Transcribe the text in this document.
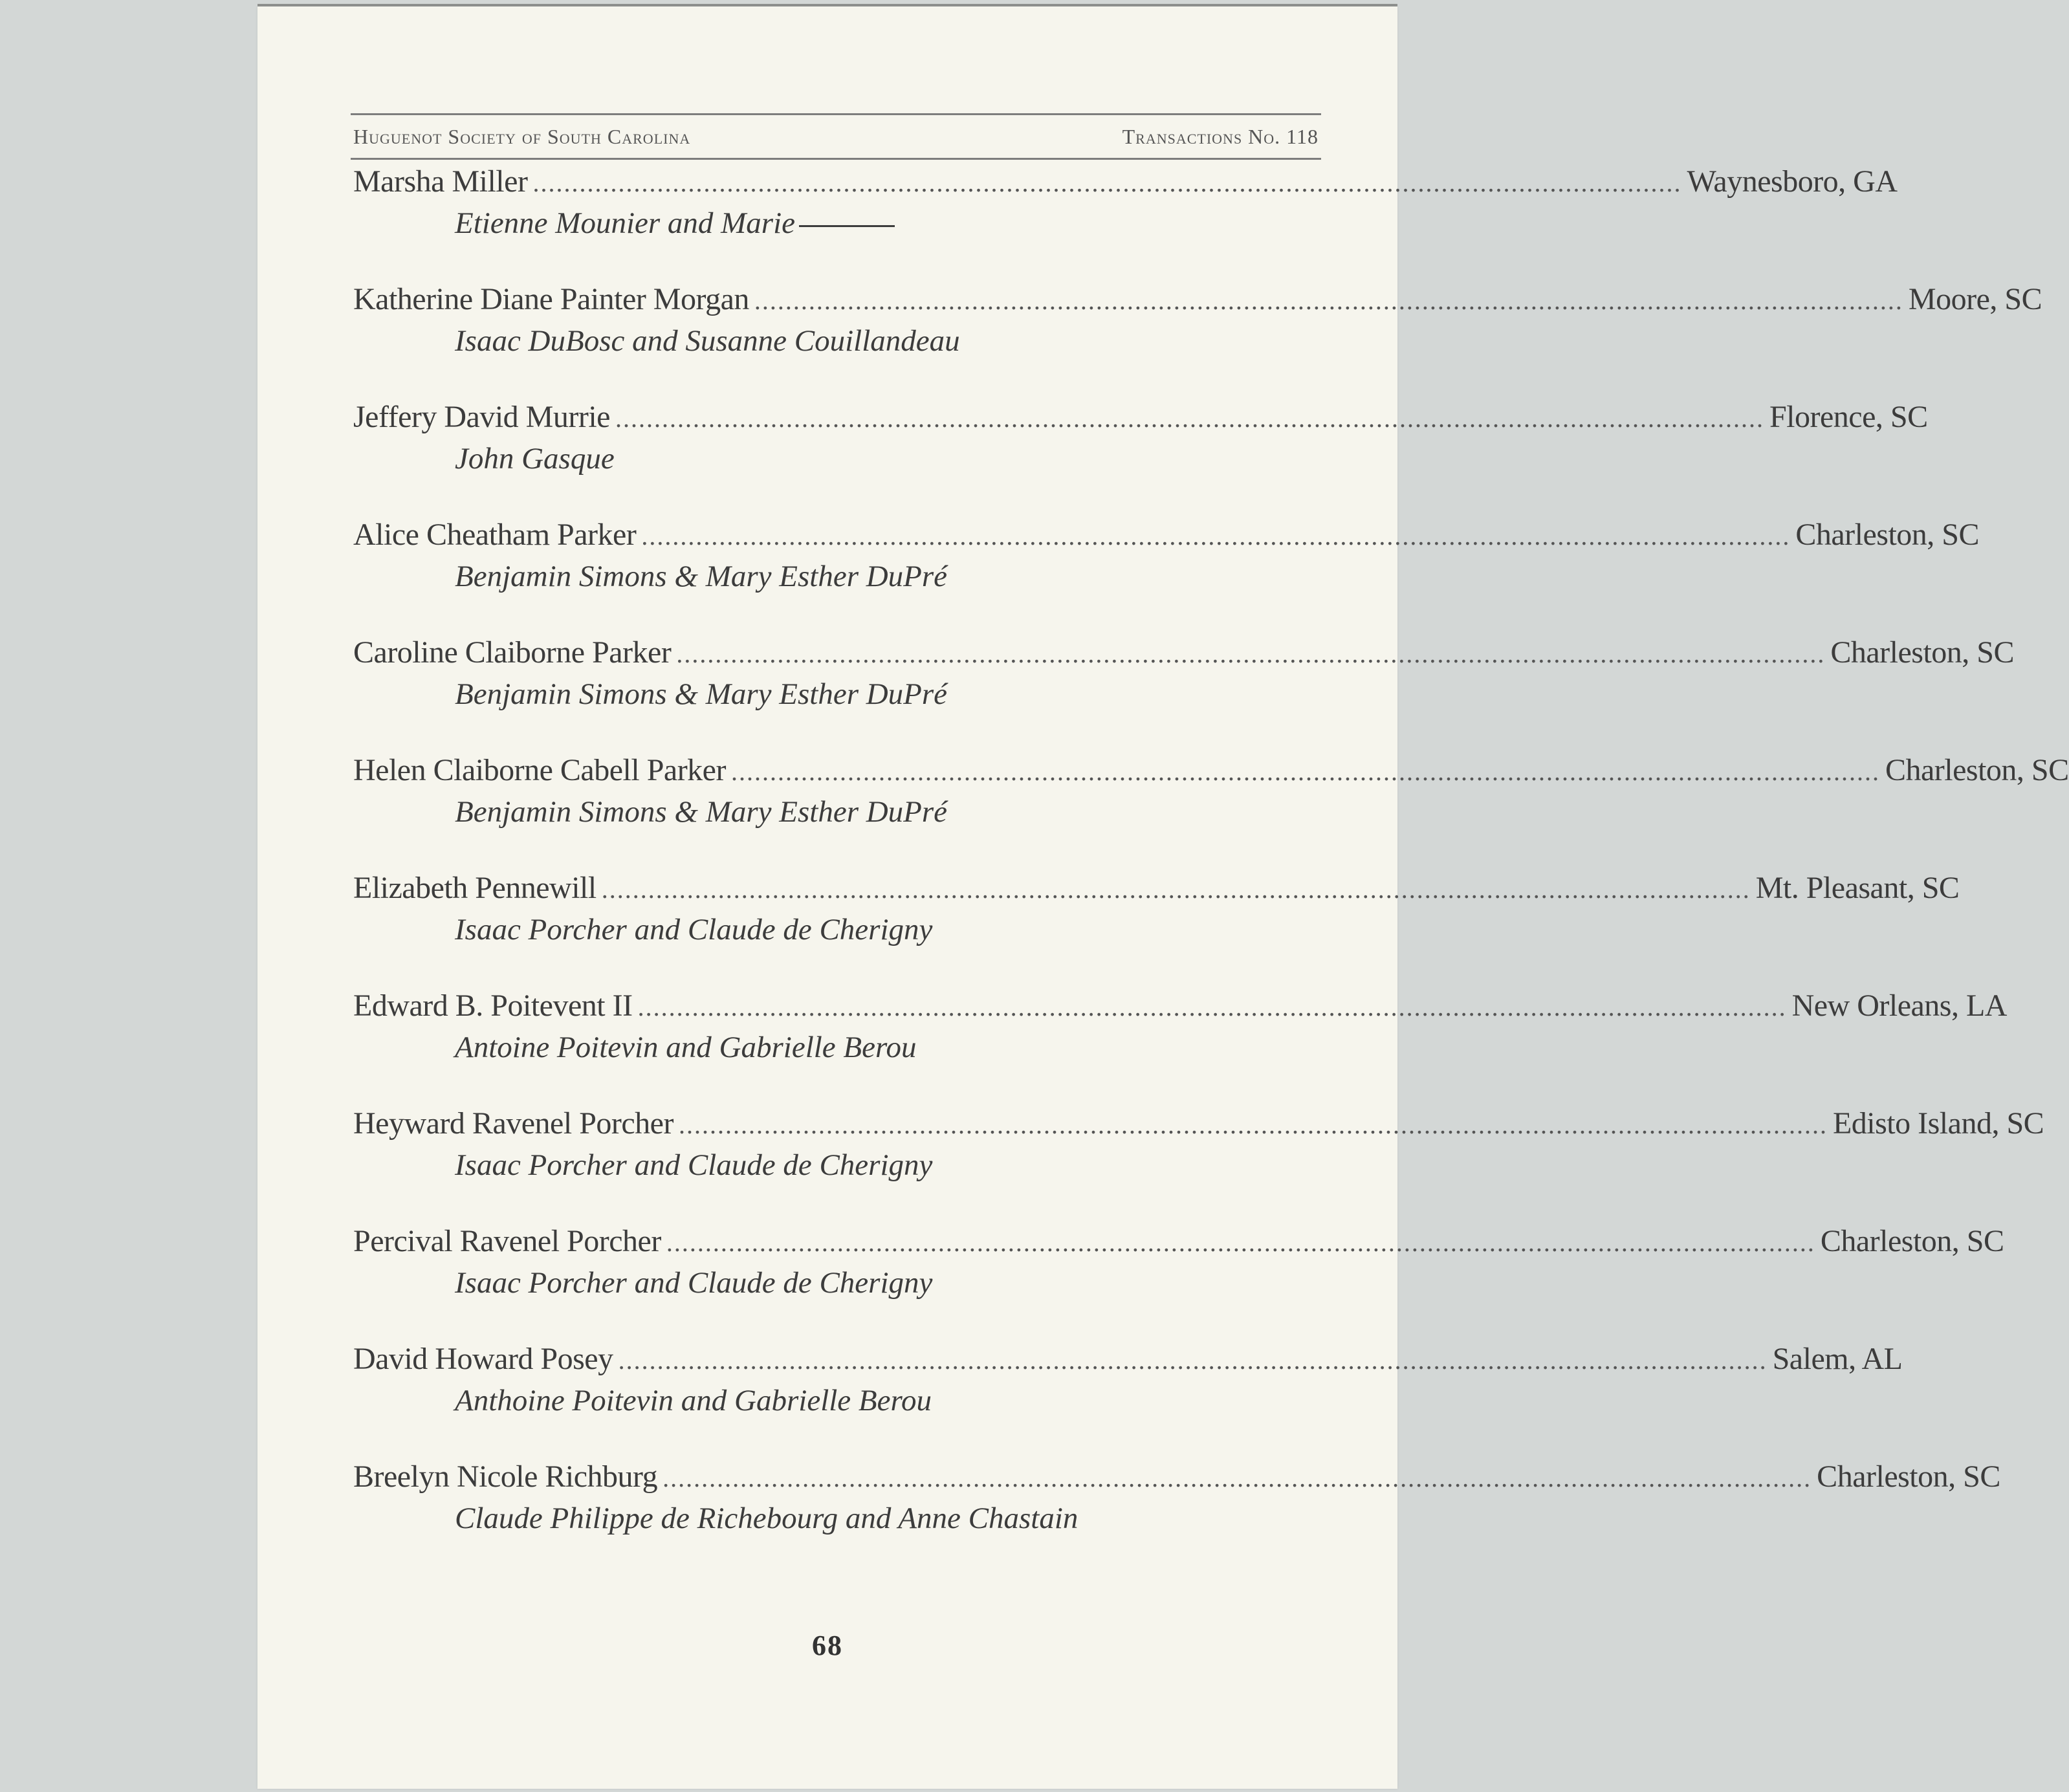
Huguenot Society of South Carolina	Transactions No. 118
Marsha Miller .................................................................................................................................................... Waynesboro, GA
Etienne Mounier and Marie
Katherine Diane Painter Morgan .................................................................................................................................................... Moore, SC
Isaac DuBosc and Susanne Couillandeau
Jeffery David Murrie .................................................................................................................................................... Florence, SC
John Gasque
Alice Cheatham Parker .................................................................................................................................................... Charleston, SC
Benjamin Simons & Mary Esther DuPré
Caroline Claiborne Parker .................................................................................................................................................... Charleston, SC
Benjamin Simons & Mary Esther DuPré
Helen Claiborne Cabell Parker .................................................................................................................................................... Charleston, SC
Benjamin Simons & Mary Esther DuPré
Elizabeth Pennewill .................................................................................................................................................... Mt. Pleasant, SC
Isaac Porcher and Claude de Cherigny
Edward B. Poitevent II .................................................................................................................................................... New Orleans, LA
Antoine Poitevin and Gabrielle Berou
Heyward Ravenel Porcher .................................................................................................................................................... Edisto Island, SC
Isaac Porcher and Claude de Cherigny
Percival Ravenel Porcher .................................................................................................................................................... Charleston, SC
Isaac Porcher and Claude de Cherigny
David Howard Posey .................................................................................................................................................... Salem, AL
Anthoine Poitevin and Gabrielle Berou
Breelyn Nicole Richburg .................................................................................................................................................... Charleston, SC
Claude Philippe de Richebourg and Anne Chastain
68
